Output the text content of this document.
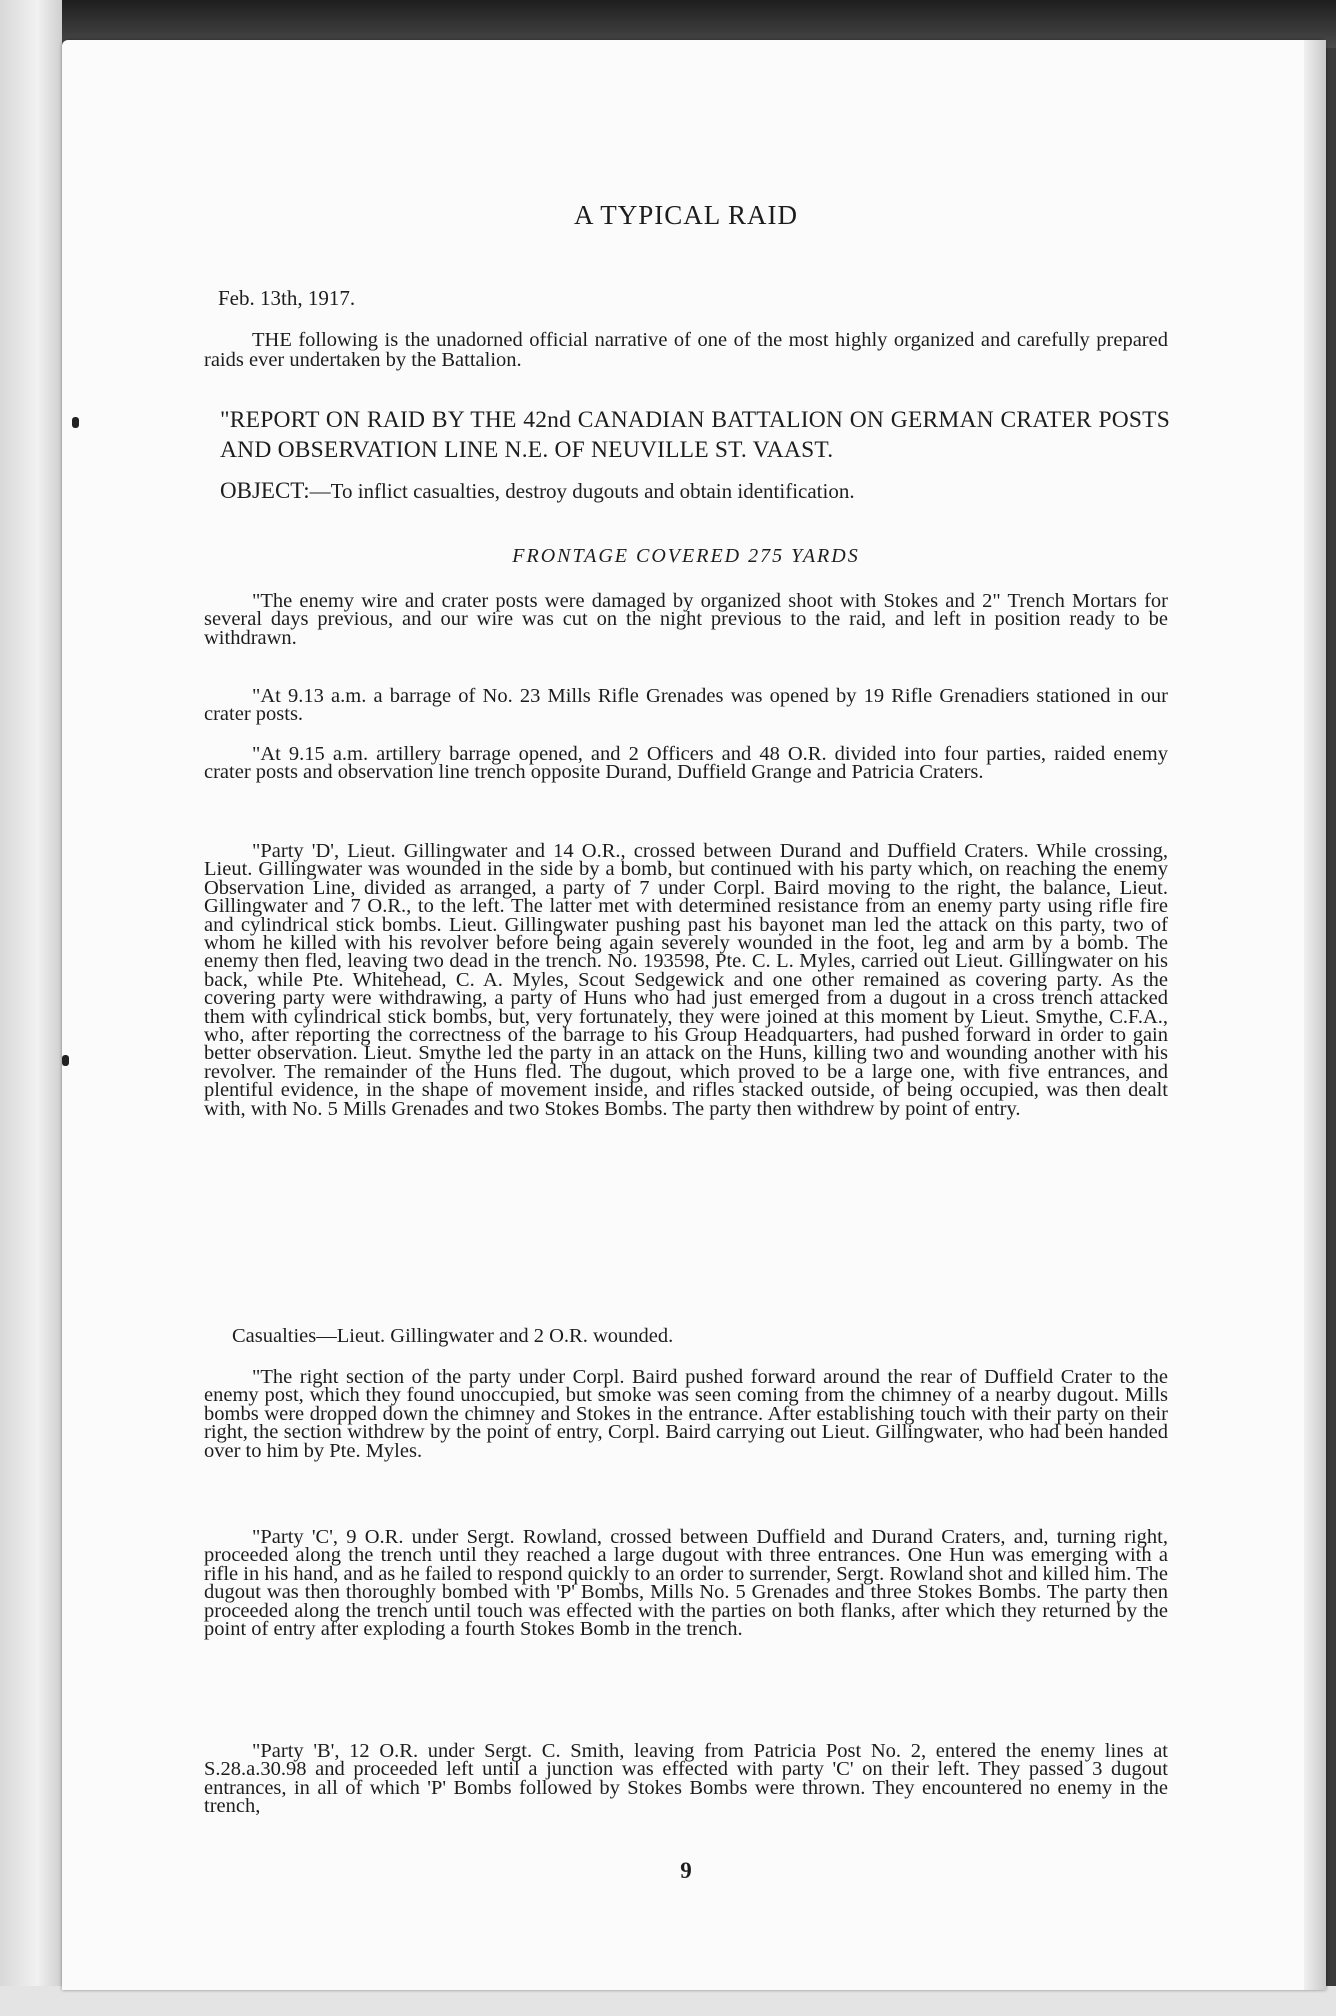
A TYPICAL RAID
Feb. 13th, 1917.

THE following is the unadorned official narrative of one of the most highly organized and carefully prepared raids ever undertaken by the Battalion.

"REPORT ON RAID BY THE 42nd CANADIAN BATTALION ON GERMAN CRATER POSTS AND OBSERVATION LINE N.E. OF NEUVILLE ST. VAAST.
OBJECT:—To inflict casualties, destroy dugouts and obtain identification.
FRONTAGE COVERED 275 YARDS

"The enemy wire and crater posts were damaged by organized shoot with Stokes and 2" Trench Mortars for several days previous, and our wire was cut on the night previous to the raid, and left in position ready to be withdrawn.

"At 9.13 a.m. a barrage of No. 23 Mills Rifle Grenades was opened by 19 Rifle Grenadiers stationed in our crater posts.

"At 9.15 a.m. artillery barrage opened, and 2 Officers and 48 O.R. divided into four parties, raided enemy crater posts and observation line trench opposite Durand, Duffield Grange and Patricia Craters.

"Party 'D', Lieut. Gillingwater and 14 O.R., crossed between Durand and Duffield Craters. While crossing, Lieut. Gillingwater was wounded in the side by a bomb, but continued with his party which, on reaching the enemy Observation Line, divided as arranged, a party of 7 under Corpl. Baird moving to the right, the balance, Lieut. Gillingwater and 7 O.R., to the left. The latter met with determined resistance from an enemy party using rifle fire and cylindrical stick bombs. Lieut. Gillingwater pushing past his bayonet man led the attack on this party, two of whom he killed with his revolver before being again severely wounded in the foot, leg and arm by a bomb. The enemy then fled, leaving two dead in the trench. No. 193598, Pte. C. L. Myles, carried out Lieut. Gillingwater on his back, while Pte. Whitehead, C. A. Myles, Scout Sedgewick and one other remained as covering party. As the covering party were withdrawing, a party of Huns who had just emerged from a dugout in a cross trench attacked them with cylindrical stick bombs, but, very fortunately, they were joined at this moment by Lieut. Smythe, C.F.A., who, after reporting the correctness of the barrage to his Group Headquarters, had pushed forward in order to gain better observation. Lieut. Smythe led the party in an attack on the Huns, killing two and wounding another with his revolver. The remainder of the Huns fled. The dugout, which proved to be a large one, with five entrances, and plentiful evidence, in the shape of movement inside, and rifles stacked outside, of being occupied, was then dealt with, with No. 5 Mills Grenades and two Stokes Bombs. The party then withdrew by point of entry.

Casualties—Lieut. Gillingwater and 2 O.R. wounded.

"The right section of the party under Corpl. Baird pushed forward around the rear of Duffield Crater to the enemy post, which they found unoccupied, but smoke was seen coming from the chimney of a nearby dugout. Mills bombs were dropped down the chimney and Stokes in the entrance. After establishing touch with their party on their right, the section withdrew by the point of entry, Corpl. Baird carrying out Lieut. Gillingwater, who had been handed over to him by Pte. Myles.

"Party 'C', 9 O.R. under Sergt. Rowland, crossed between Duffield and Durand Craters, and, turning right, proceeded along the trench until they reached a large dugout with three entrances. One Hun was emerging with a rifle in his hand, and as he failed to respond quickly to an order to surrender, Sergt. Rowland shot and killed him. The dugout was then thoroughly bombed with 'P' Bombs, Mills No. 5 Grenades and three Stokes Bombs. The party then proceeded along the trench until touch was effected with the parties on both flanks, after which they returned by the point of entry after exploding a fourth Stokes Bomb in the trench.

"Party 'B', 12 O.R. under Sergt. C. Smith, leaving from Patricia Post No. 2, entered the enemy lines at S.28.a.30.98 and proceeded left until a junction was effected with party 'C' on their left. They passed 3 dugout entrances, in all of which 'P' Bombs followed by Stokes Bombs were thrown. They encountered no enemy in the trench,

9
